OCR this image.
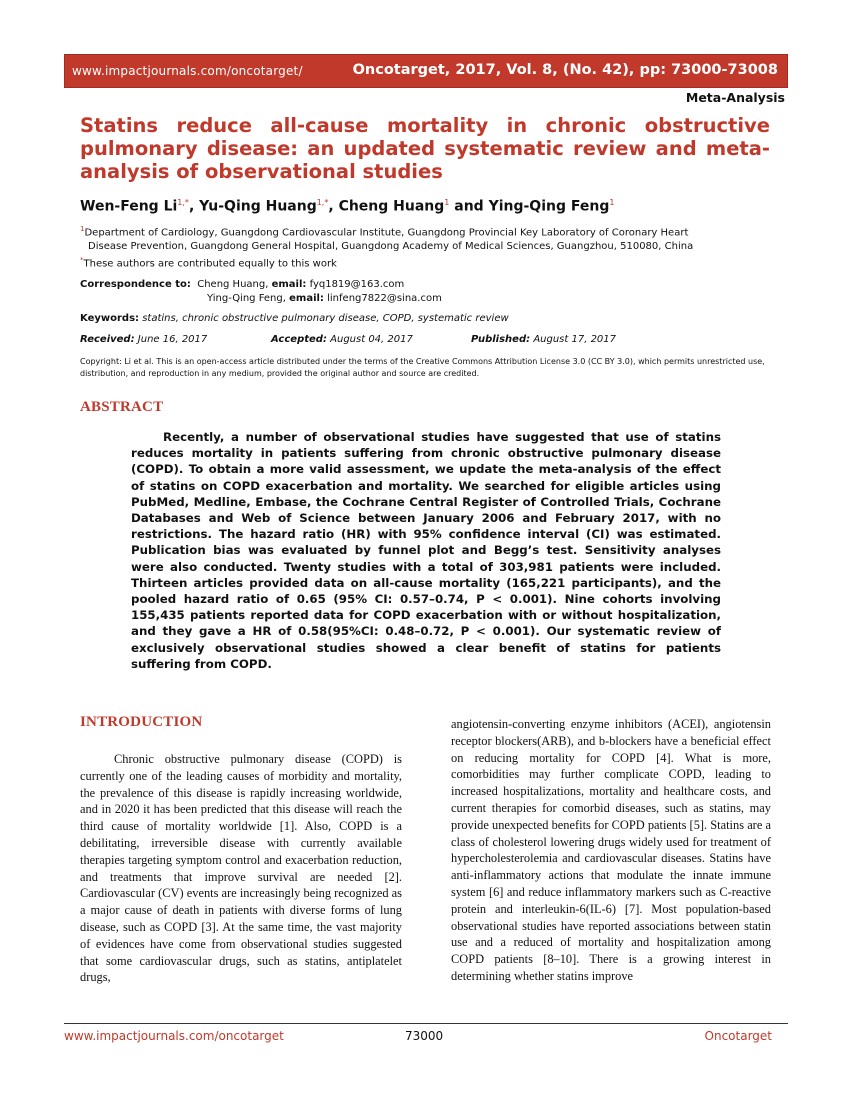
www.impactjournals.com/oncotarget/	Oncotarget, 2017, Vol. 8, (No. 42), pp: 73000-73008
Meta-Analysis
Statins reduce all-cause mortality in chronic obstructive pulmonary disease: an updated systematic review and meta-analysis of observational studies
Wen-Feng $Li^{1,*}$, Yu-Qing Huang$^{1,*}$, Cheng Huang$^1$ and Ying-Qing Feng$^1$
$^1$Department of Cardiology, Guangdong Cardiovascular Institute, Guangdong Provincial Key Laboratory of Coronary Heart
Disease Prevention, Guangdong General Hospital, Guangdong Academy of Medical Sciences, Guangzhou, 510080, China
*These authors are contributed equally to this work
Correspondence to: Cheng Huang, email: fyq1819@163.com
Ying-Qing Feng, email: linfeng7822@sina.com
Keywords: statins, chronic obstructive pulmonary disease, COPD, systematic review
Received: June 16, 2017	Accepted: August 04, 2017	Published: August 17, 2017
Copyright: Li et al. This is an open-access article distributed under the terms of the Creative Commons Attribution License 3.0 (CC BY 3.0), which permits unrestricted use, distribution, and reproduction in any medium, provided the original author and source are credited.
ABSTRACT

Recently, a number of observational studies have suggested that use of statins reduces mortality in patients suffering from chronic obstructive pulmonary disease (COPD). To obtain a more valid assessment, we update the meta-analysis of the effect of statins on COPD exacerbation and mortality. We searched for eligible articles using PubMed, Medline, Embase, the Cochrane Central Register of Controlled Trials, Cochrane Databases and Web of Science between January 2006 and February 2017, with no restrictions. The hazard ratio (HR) with 95% confidence interval (CI) was estimated. Publication bias was evaluated by funnel plot and Begg’s test. Sensitivity analyses were also conducted. Twenty studies with a total of 303,981 patients were included. Thirteen articles provided data on all-cause mortality (165,221 participants), and the pooled hazard ratio of 0.65 (95% CI: 0.57–0.74, P < 0.001). Nine cohorts involving 155,435 patients reported data for COPD exacerbation with or without hospitalization, and they gave a HR of 0.58(95%CI: 0.48–0.72, P < 0.001). Our systematic review of exclusively observational studies showed a clear benefit of statins for patients suffering from COPD.

INTRODUCTION

Chronic obstructive pulmonary disease (COPD) is currently one of the leading causes of morbidity and mortality, the prevalence of this disease is rapidly increasing worldwide, and in 2020 it has been predicted that this disease will reach the third cause of mortality worldwide [1]. Also, COPD is a debilitating, irreversible disease with currently available therapies targeting symptom control and exacerbation reduction, and treatments that improve survival are needed [2]. Cardiovascular (CV) events are increasingly being recognized as a major cause of death in patients with diverse forms of lung disease, such as COPD [3]. At the same time, the vast majority of evidences have come from observational studies suggested that some cardiovascular drugs, such as statins, antiplatelet drugs,

angiotensin-converting enzyme inhibitors (ACEI), angiotensin receptor blockers(ARB), and b-blockers have a beneficial effect on reducing mortality for COPD [4]. What is more, comorbidities may further complicate COPD, leading to increased hospitalizations, mortality and healthcare costs, and current therapies for comorbid diseases, such as statins, may provide unexpected benefits for COPD patients [5]. Statins are a class of cholesterol lowering drugs widely used for treatment of hypercholesterolemia and cardiovascular diseases. Statins have anti-inflammatory actions that modulate the innate immune system [6] and reduce inflammatory markers such as C-reactive protein and interleukin-6(IL-6) [7]. Most population-based observational studies have reported associations between statin use and a reduced of mortality and hospitalization among COPD patients [8–10]. There is a growing interest in determining whether statins improve

www.impactjournals.com/oncotarget	73000	Oncotarget
